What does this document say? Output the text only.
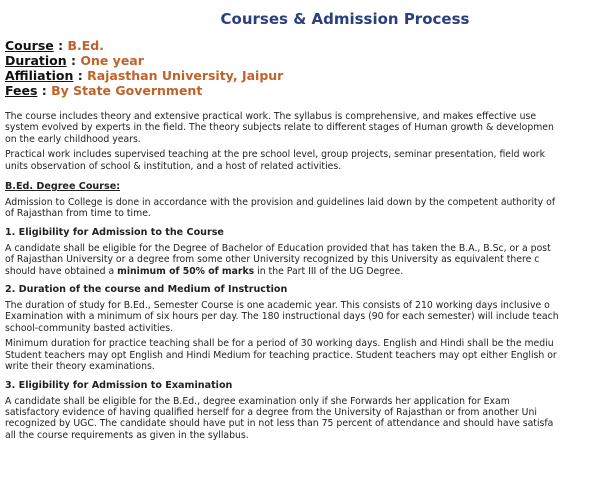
Courses & Admission Process
Course : B.Ed.
Duration : One year
Affiliation : Rajasthan University, Jaipur
Fees : By State Government

The course includes theory and extensive practical work. The syllabus is comprehensive, and makes effective use

system evolved by experts in the field. The theory subjects relate to different stages of Human growth & developmen

on the early childhood years.

Practical work includes supervised teaching at the pre school level, group projects, seminar presentation, field work

units observation of school & institution, and a host of related activities.

B.Ed. Degree Course:

Admission to College is done in accordance with the provision and guidelines laid down by the competent authority of

of Rajasthan from time to time.

1. Eligibility for Admission to the Course

A candidate shall be eligible for the Degree of Bachelor of Education provided that has taken the B.A., B.Sc, or a post

of Rajasthan University or a degree from some other University recognized by this University as equivalent there c

should have obtained a minimum of 50% of marks in the Part III of the UG Degree.

2. Duration of the course and Medium of Instruction

The duration of study for B.Ed., Semester Course is one academic year. This consists of 210 working days inclusive o

Examination with a minimum of six hours per day. The 180 instructional days (90 for each semester) will include teach

school-community basted activities.

Minimum duration for practice teaching shall be for a period of 30 working days. English and Hindi shall be the mediu

Student teachers may opt English and Hindi Medium for teaching practice. Student teachers may opt either English or

write their theory examinations.

3. Eligibility for Admission to Examination

A candidate shall be eligible for the B.Ed., degree examination only if she Forwards her application for Exam

satisfactory evidence of having qualified herself for a degree from the University of Rajasthan or from another Uni

recognized by UGC. The candidate should have put in not less than 75 percent of attendance and should have satisfa

all the course requirements as given in the syllabus.
